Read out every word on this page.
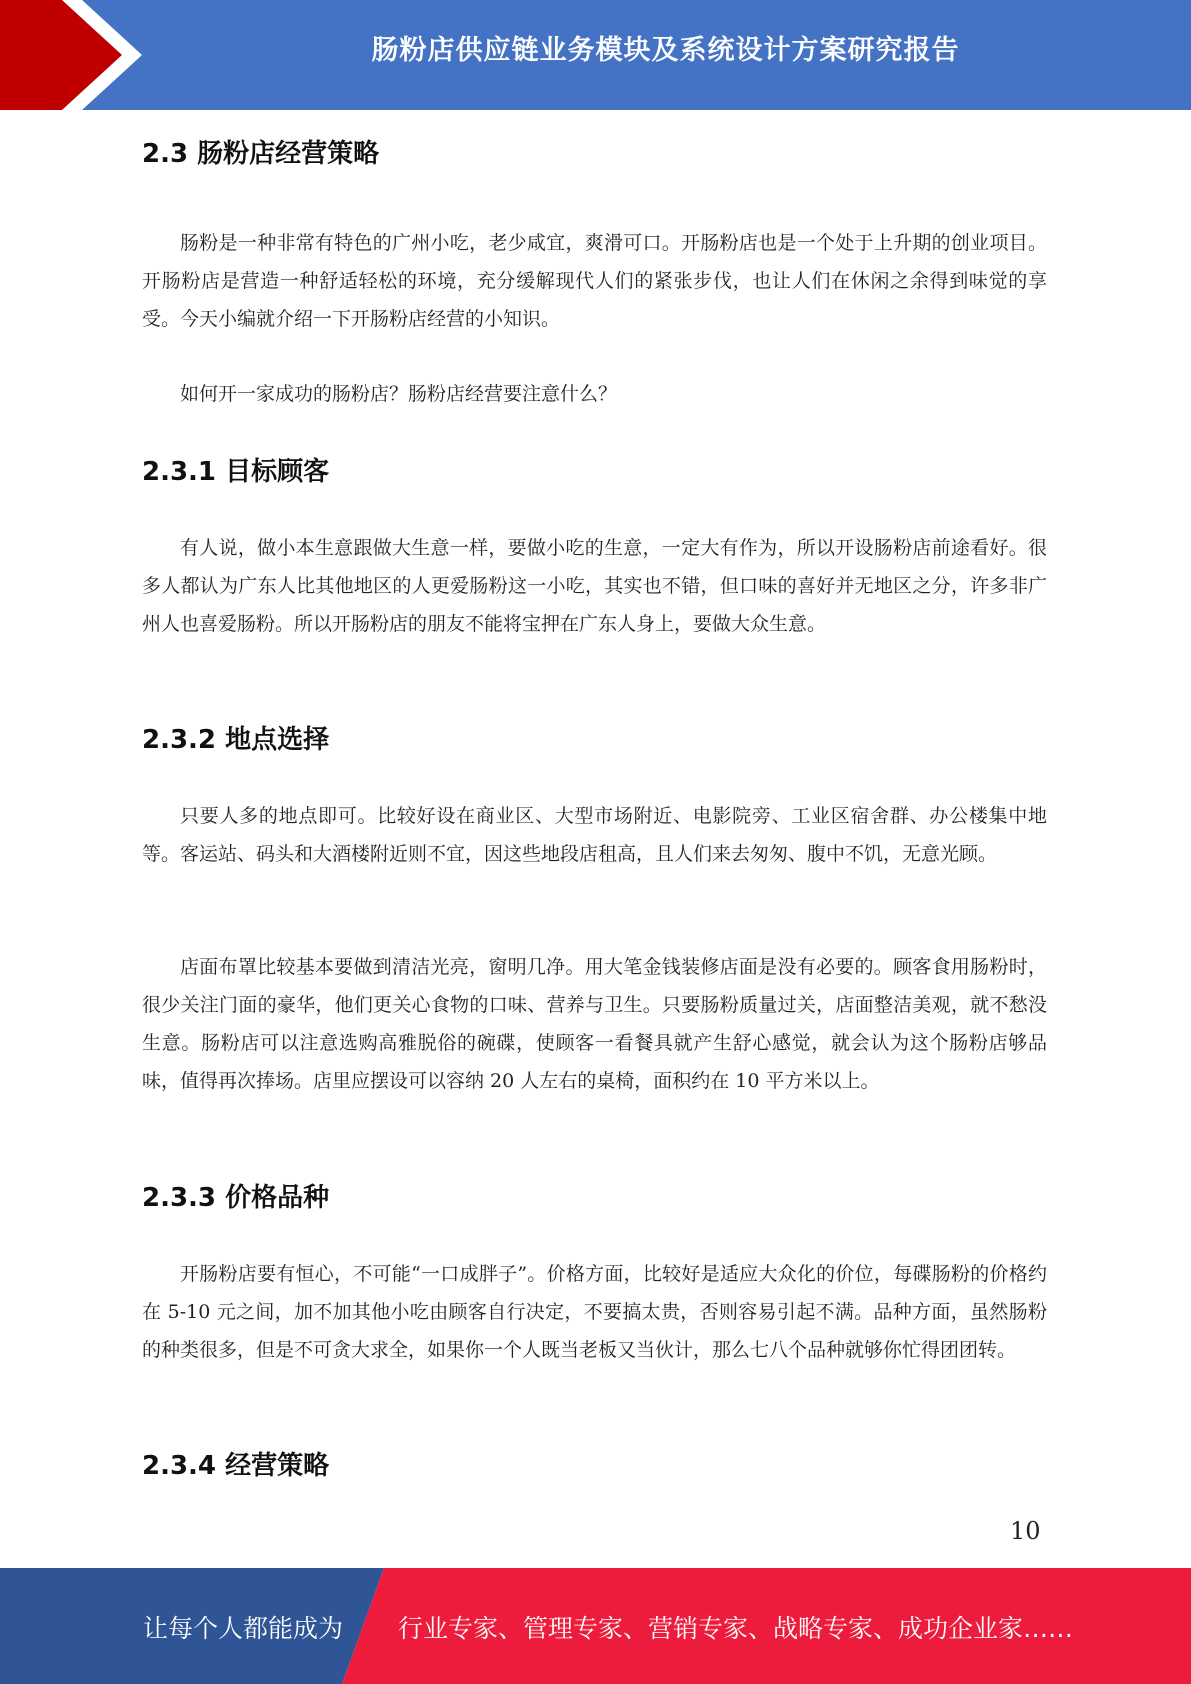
肠粉店供应链业务模块及系统设计方案研究报告
2.3 肠粉店经营策略

肠粉是一种非常有特色的广州小吃，老少咸宜，爽滑可口。开肠粉店也是一个处于上升期的创业项目。开肠粉店是营造一种舒适轻松的环境，充分缓解现代人们的紧张步伐，也让人们在休闲之余得到味觉的享受。今天小编就介绍一下开肠粉店经营的小知识。

如何开一家成功的肠粉店？肠粉店经营要注意什么？

2.3.1 目标顾客

有人说，做小本生意跟做大生意一样，要做小吃的生意，一定大有作为，所以开设肠粉店前途看好。很多人都认为广东人比其他地区的人更爱肠粉这一小吃，其实也不错，但口味的喜好并无地区之分，许多非广州人也喜爱肠粉。所以开肠粉店的朋友不能将宝押在广东人身上，要做大众生意。

2.3.2 地点选择

只要人多的地点即可。比较好设在商业区、大型市场附近、电影院旁、工业区宿舍群、办公楼集中地等。客运站、码头和大酒楼附近则不宜，因这些地段店租高，且人们来去匆匆、腹中不饥，无意光顾。

店面布罩比较基本要做到清洁光亮，窗明几净。用大笔金钱装修店面是没有必要的。顾客食用肠粉时，很少关注门面的豪华，他们更关心食物的口味、营养与卫生。只要肠粉质量过关，店面整洁美观，就不愁没生意。肠粉店可以注意选购高雅脱俗的碗碟，使顾客一看餐具就产生舒心感觉，就会认为这个肠粉店够品味，值得再次捧场。店里应摆设可以容纳 20 人左右的桌椅，面积约在 10 平方米以上。

2.3.3 价格品种

开肠粉店要有恒心，不可能“一口成胖子”。价格方面，比较好是适应大众化的价位，每碟肠粉的价格约在 5-10 元之间，加不加其他小吃由顾客自行决定，不要搞太贵，否则容易引起不满。品种方面，虽然肠粉的种类很多，但是不可贪大求全，如果你一个人既当老板又当伙计，那么七八个品种就够你忙得团团转。

2.3.4 经营策略
10
让每个人都能成为 行业专家、管理专家、营销专家、战略专家、成功企业家……
